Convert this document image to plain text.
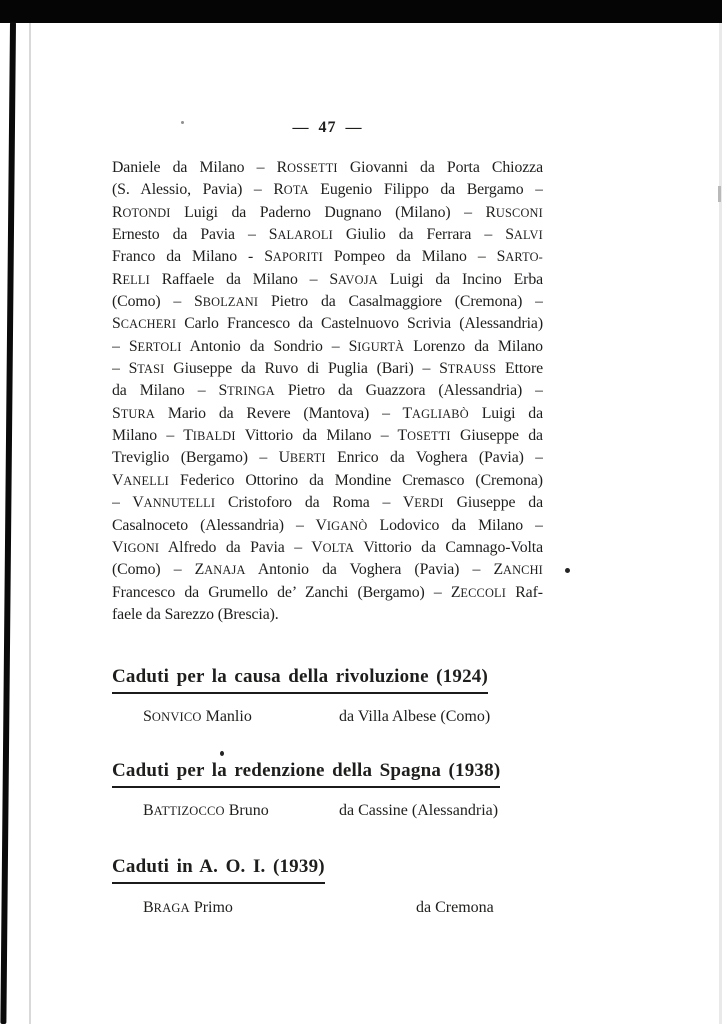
— 47 —
Daniele da Milano – ROSSETTI Giovanni da Porta Chiozza
(S. Alessio, Pavia) – ROTA Eugenio Filippo da Bergamo –
ROTONDI Luigi da Paderno Dugnano (Milano) – RUSCONI
Ernesto da Pavia – SALAROLI Giulio da Ferrara – SALVI
Franco da Milano - SAPORITI Pompeo da Milano – SARTO-
RELLI Raffaele da Milano – SAVOJA Luigi da Incino Erba
(Como) – SBOLZANI Pietro da Casalmaggiore (Cremona) –
SCACHERI Carlo Francesco da Castelnuovo Scrivia (Alessandria)
– SERTOLI Antonio da Sondrio – SIGURTÀ Lorenzo da Milano
– STASI Giuseppe da Ruvo di Puglia (Bari) – STRAUSS Ettore
da Milano – STRINGA Pietro da Guazzora (Alessandria) –
STURA Mario da Revere (Mantova) – TAGLIABÒ Luigi da
Milano – TIBALDI Vittorio da Milano – TOSETTI Giuseppe da
Treviglio (Bergamo) – UBERTI Enrico da Voghera (Pavia) –
VANELLI Federico Ottorino da Mondine Cremasco (Cremona)
– VANNUTELLI Cristoforo da Roma – VERDI Giuseppe da
Casalnoceto (Alessandria) – VIGANÒ Lodovico da Milano –
VIGONI Alfredo da Pavia – VOLTA Vittorio da Camnago-Volta
(Como) – ZANAJA Antonio da Voghera (Pavia) – ZANCHI
Francesco da Grumello de’ Zanchi (Bergamo) – ZECCOLI Raf-
faele da Sarezzo (Brescia).
Caduti per la causa della rivoluzione (1924)
SONVICO Manlio	da Villa Albese (Como)
Caduti per la redenzione della Spagna (1938)
BATTIZOCCO Bruno	da Cassine (Alessandria)
Caduti in A. O. I. (1939)
BRAGA Primo	da Cremona
